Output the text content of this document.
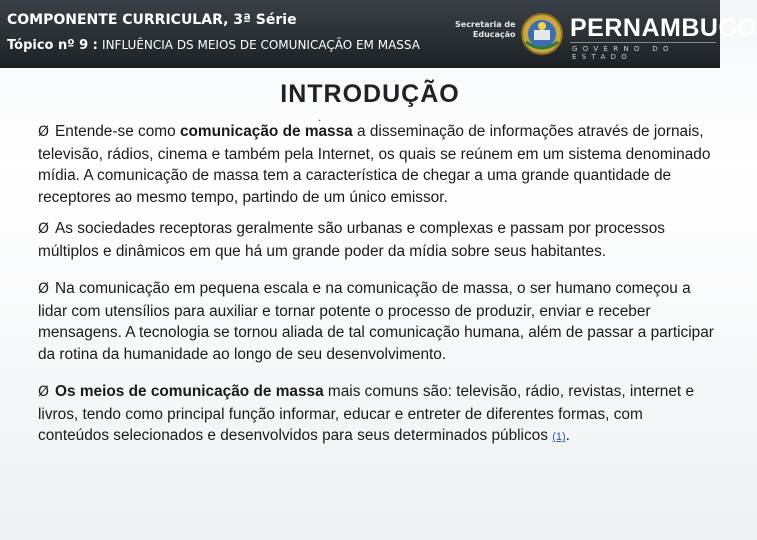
COMPONENTE CURRICULAR, 3ª Série
Tópico nº 9 : INFLUÊNCIA DS MEIOS DE COMUNICAÇÃO EM MASSA
Secretaria de
Educação PERNAMBUCO
GOVERNO DO ESTADO
INTRODUÇÃO
.

Ø Entende-se como comunicação de massa a disseminação de informações através de jornais, televisão, rádios, cinema e também pela Internet, os quais se reúnem em um sistema denominado mídia. A comunicação de massa tem a característica de chegar a uma grande quantidade de receptores ao mesmo tempo, partindo de um único emissor.

Ø As sociedades receptoras geralmente são urbanas e complexas e passam por processos múltiplos e dinâmicos em que há um grande poder da mídia sobre seus habitantes.

Ø Na comunicação em pequena escala e na comunicação de massa, o ser humano começou a lidar com utensílios para auxiliar e tornar potente o processo de produzir, enviar e receber mensagens. A tecnologia se tornou aliada de tal comunicação humana, além de passar a participar da rotina da humanidade ao longo de seu desenvolvimento.

Ø Os meios de comunicação de massa mais comuns são: televisão, rádio, revistas, internet e livros, tendo como principal função informar, educar e entreter de diferentes formas, com conteúdos selecionados e desenvolvidos para seus determinados públicos (1).
